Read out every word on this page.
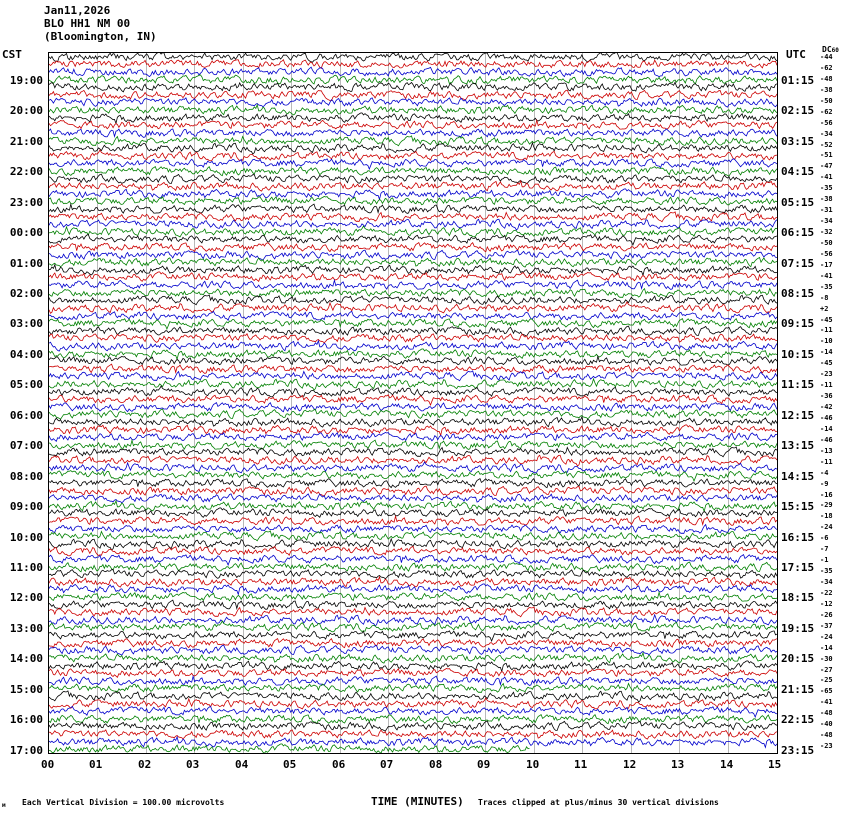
Jan11,2026
BLO HH1 NM 00
(Bloomington, IN)
CST	UTC DC60
19:00
20:00
21:00
22:00
23:00
00:00
01:00
02:00
03:00
04:00
05:00
06:00
07:00
08:00
09:00
10:00
11:00
12:00
13:00
14:00
15:00
16:00
17:00
01:15
02:15
03:15
04:15
05:15
06:15
07:15
08:15
09:15
10:15
11:15
12:15
13:15
14:15
15:15
16:15
17:15
18:15
19:15
20:15
21:15
22:15
23:15
-44
-62
-48
-38
-50
-62
-56
-34
-52
-51
-47
-41
-35
-38
-31
-34
-32
-50
-56
-17
-41
-35
-8
+2
-45
-11
-10
-14
-45
-23
-11
-36
-42
-46
-14
-46
-13
-11
-4
-9
-16
-29
-18
-24
-6
-7
-1
-35
-34
-22
-12
-26
-37
-24
-14
-30
-27
-25
-65
-41
-48
-40
-48
-23
00	01	02	03	04	05	06	07	08	09	10	11	12	13	14	15
м Each Vertical Division = 100.00 microvolts	TIME (MINUTES) Traces clipped at plus/minus 30 vertical divisions
